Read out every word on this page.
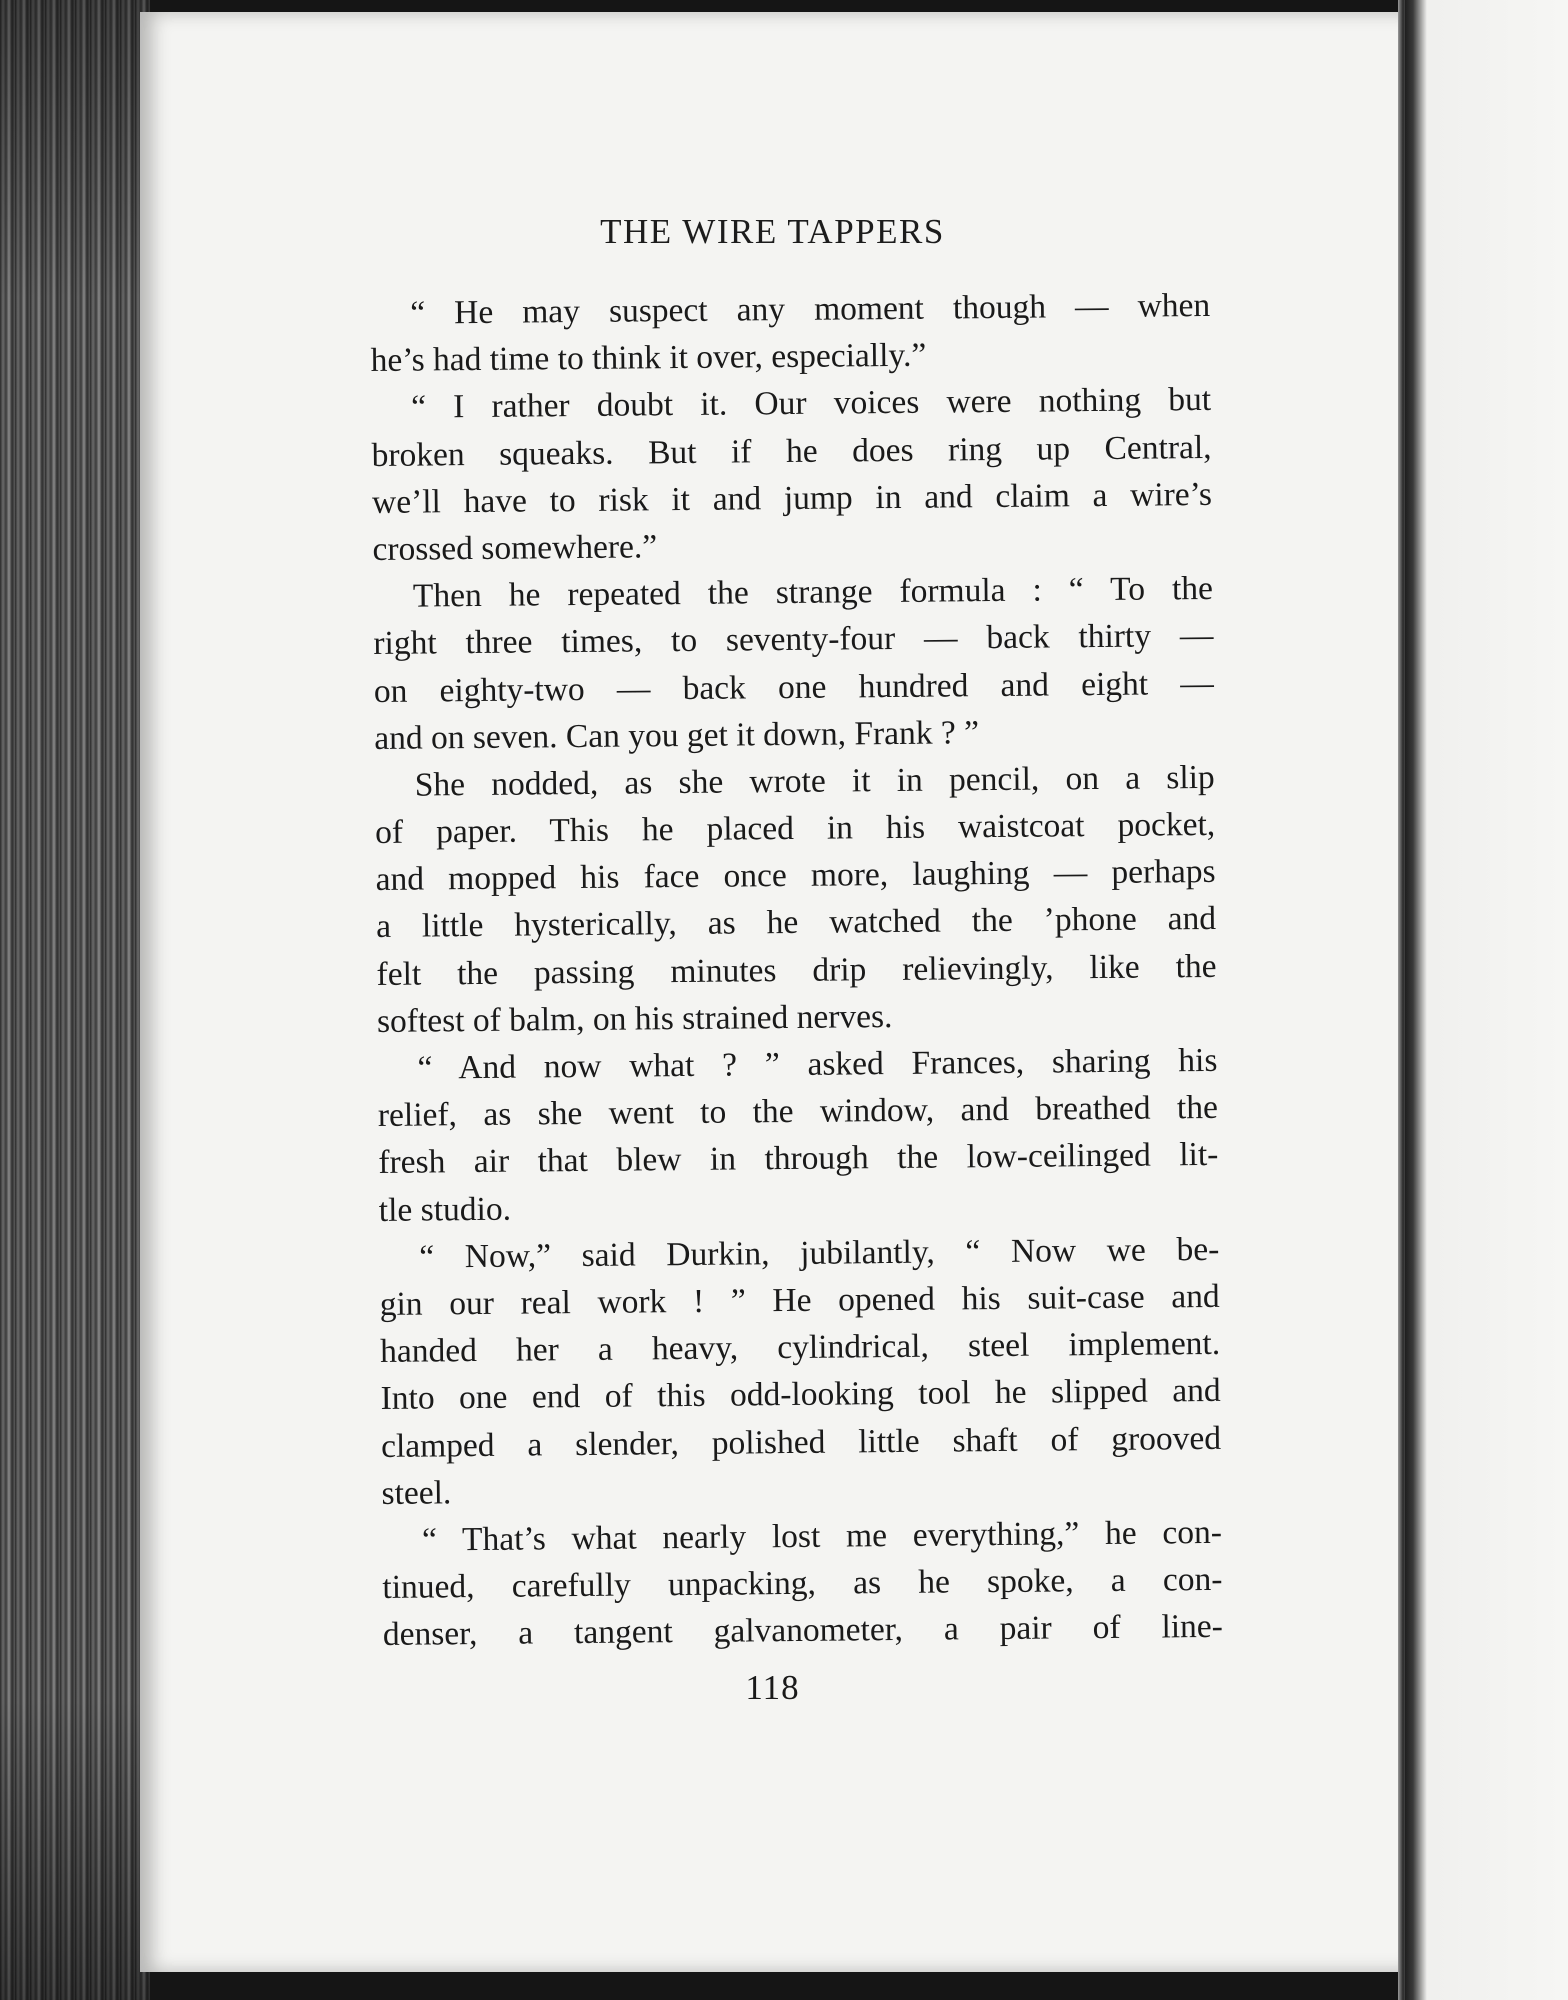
THE WIRE TAPPERS
“ He may suspect any moment though — when
he’s had time to think it over, especially.”
“ I rather doubt it. Our voices were nothing but
broken squeaks. But if he does ring up Central,
we’ll have to risk it and jump in and claim a wire’s
crossed somewhere.”
Then he repeated the strange formula : “ To the
right three times, to seventy-four — back thirty —
on eighty-two — back one hundred and eight —
and on seven. Can you get it down, Frank ? ”
She nodded, as she wrote it in pencil, on a slip
of paper. This he placed in his waistcoat pocket,
and mopped his face once more, laughing — perhaps
a little hysterically, as he watched the ’phone and
felt the passing minutes drip relievingly, like the
softest of balm, on his strained nerves.
“ And now what ? ” asked Frances, sharing his
relief, as she went to the window, and breathed the
fresh air that blew in through the low-ceilinged lit-
tle studio.
“ Now,” said Durkin, jubilantly, “ Now we be-
gin our real work ! ” He opened his suit-case and
handed her a heavy, cylindrical, steel implement.
Into one end of this odd-looking tool he slipped and
clamped a slender, polished little shaft of grooved
steel.
“ That’s what nearly lost me everything,” he con-
tinued, carefully unpacking, as he spoke, a con-
denser, a tangent galvanometer, a pair of line-
118
